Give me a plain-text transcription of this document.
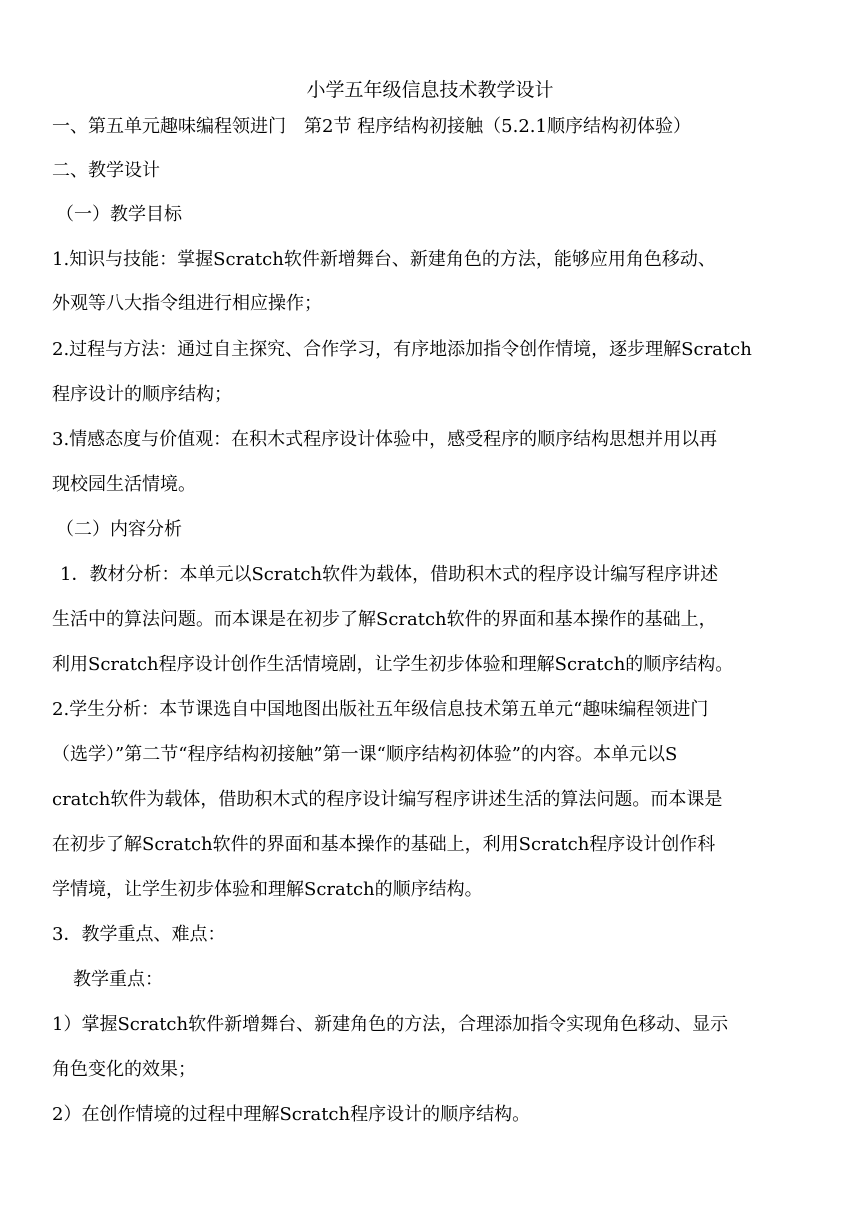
小学五年级信息技术教学设计
一、第五单元趣味编程领进门　第2节 程序结构初接触（5.2.1顺序结构初体验）
二、教学设计
（一）教学目标
1.知识与技能：掌握Scratch软件新增舞台、新建角色的方法，能够应用角色移动、
外观等八大指令组进行相应操作；
2.过程与方法：通过自主探究、合作学习，有序地添加指令创作情境，逐步理解Scratch
程序设计的顺序结构；
3.情感态度与价值观：在积木式程序设计体验中，感受程序的顺序结构思想并用以再
现校园生活情境。
（二）内容分析
1．教材分析：本单元以Scratch软件为载体，借助积木式的程序设计编写程序讲述
生活中的算法问题。而本课是在初步了解Scratch软件的界面和基本操作的基础上，
利用Scratch程序设计创作生活情境剧，让学生初步体验和理解Scratch的顺序结构。
2.学生分析：本节课选自中国地图出版社五年级信息技术第五单元“趣味编程领进门
（选学）”第二节“程序结构初接触”第一课“顺序结构初体验”的内容。本单元以S
cratch软件为载体，借助积木式的程序设计编写程序讲述生活的算法问题。而本课是
在初步了解Scratch软件的界面和基本操作的基础上，利用Scratch程序设计创作科
学情境，让学生初步体验和理解Scratch的顺序结构。
3．教学重点、难点：
教学重点：
1）掌握Scratch软件新增舞台、新建角色的方法，合理添加指令实现角色移动、显示
角色变化的效果；
2）在创作情境的过程中理解Scratch程序设计的顺序结构。
